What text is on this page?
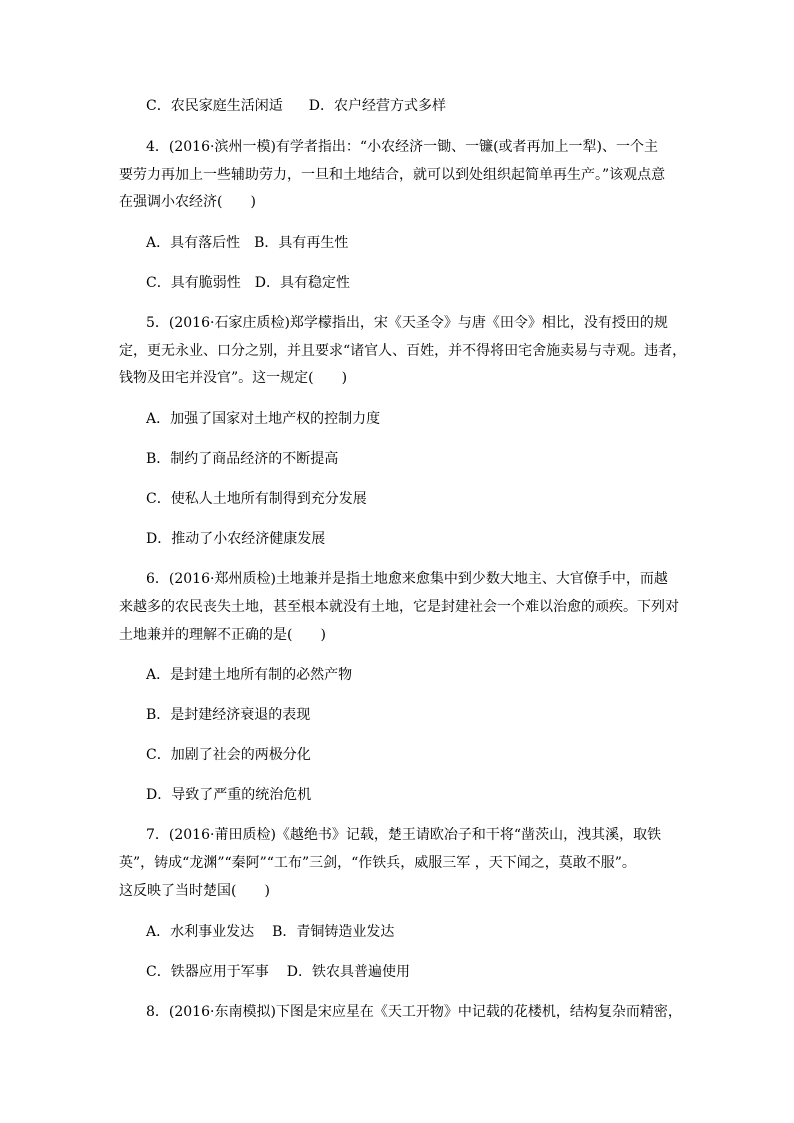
C．农民家庭生活闲适 D．农户经营方式多样
4．(2016·滨州一模)有学者指出：“小农经济一锄、一镰(或者再加上一犁)、一个主
要劳力再加上一些辅助劳力，一旦和土地结合，就可以到处组织起简单再生产。”该观点意
在强调小农经济(　　)
A．具有落后性 B．具有再生性
C．具有脆弱性 D．具有稳定性
5．(2016·石家庄质检)郑学檬指出，宋《天圣令》与唐《田令》相比，没有授田的规
定，更无永业、口分之别，并且要求“诸官人、百姓，并不得将田宅舍施卖易与寺观。违者，
钱物及田宅并没官”。这一规定(　　)
A．加强了国家对土地产权的控制力度
B．制约了商品经济的不断提高
C．使私人土地所有制得到充分发展
D．推动了小农经济健康发展
6．(2016·郑州质检)土地兼并是指土地愈来愈集中到少数大地主、大官僚手中，而越
来越多的农民丧失土地，甚至根本就没有土地，它是封建社会一个难以治愈的顽疾。下列对
土地兼并的理解不正确的是(　　)
A．是封建土地所有制的必然产物
B．是封建经济衰退的表现
C．加剧了社会的两极分化
D．导致了严重的统治危机
7．(2016·莆田质检)《越绝书》记载，楚王请欧冶子和干将“凿茨山，洩其溪，取铁
英”，铸成“龙渊”“秦阿”“工布”三剑，“作铁兵，威服三军 ，天下闻之，莫敢不服”。
这反映了当时楚国(　　)
A．水利事业发达 B．青铜铸造业发达
C．铁器应用于军事 D．铁农具普遍使用
8．(2016·东南模拟)下图是宋应星在《天工开物》中记载的花楼机，结构复杂而精密，
